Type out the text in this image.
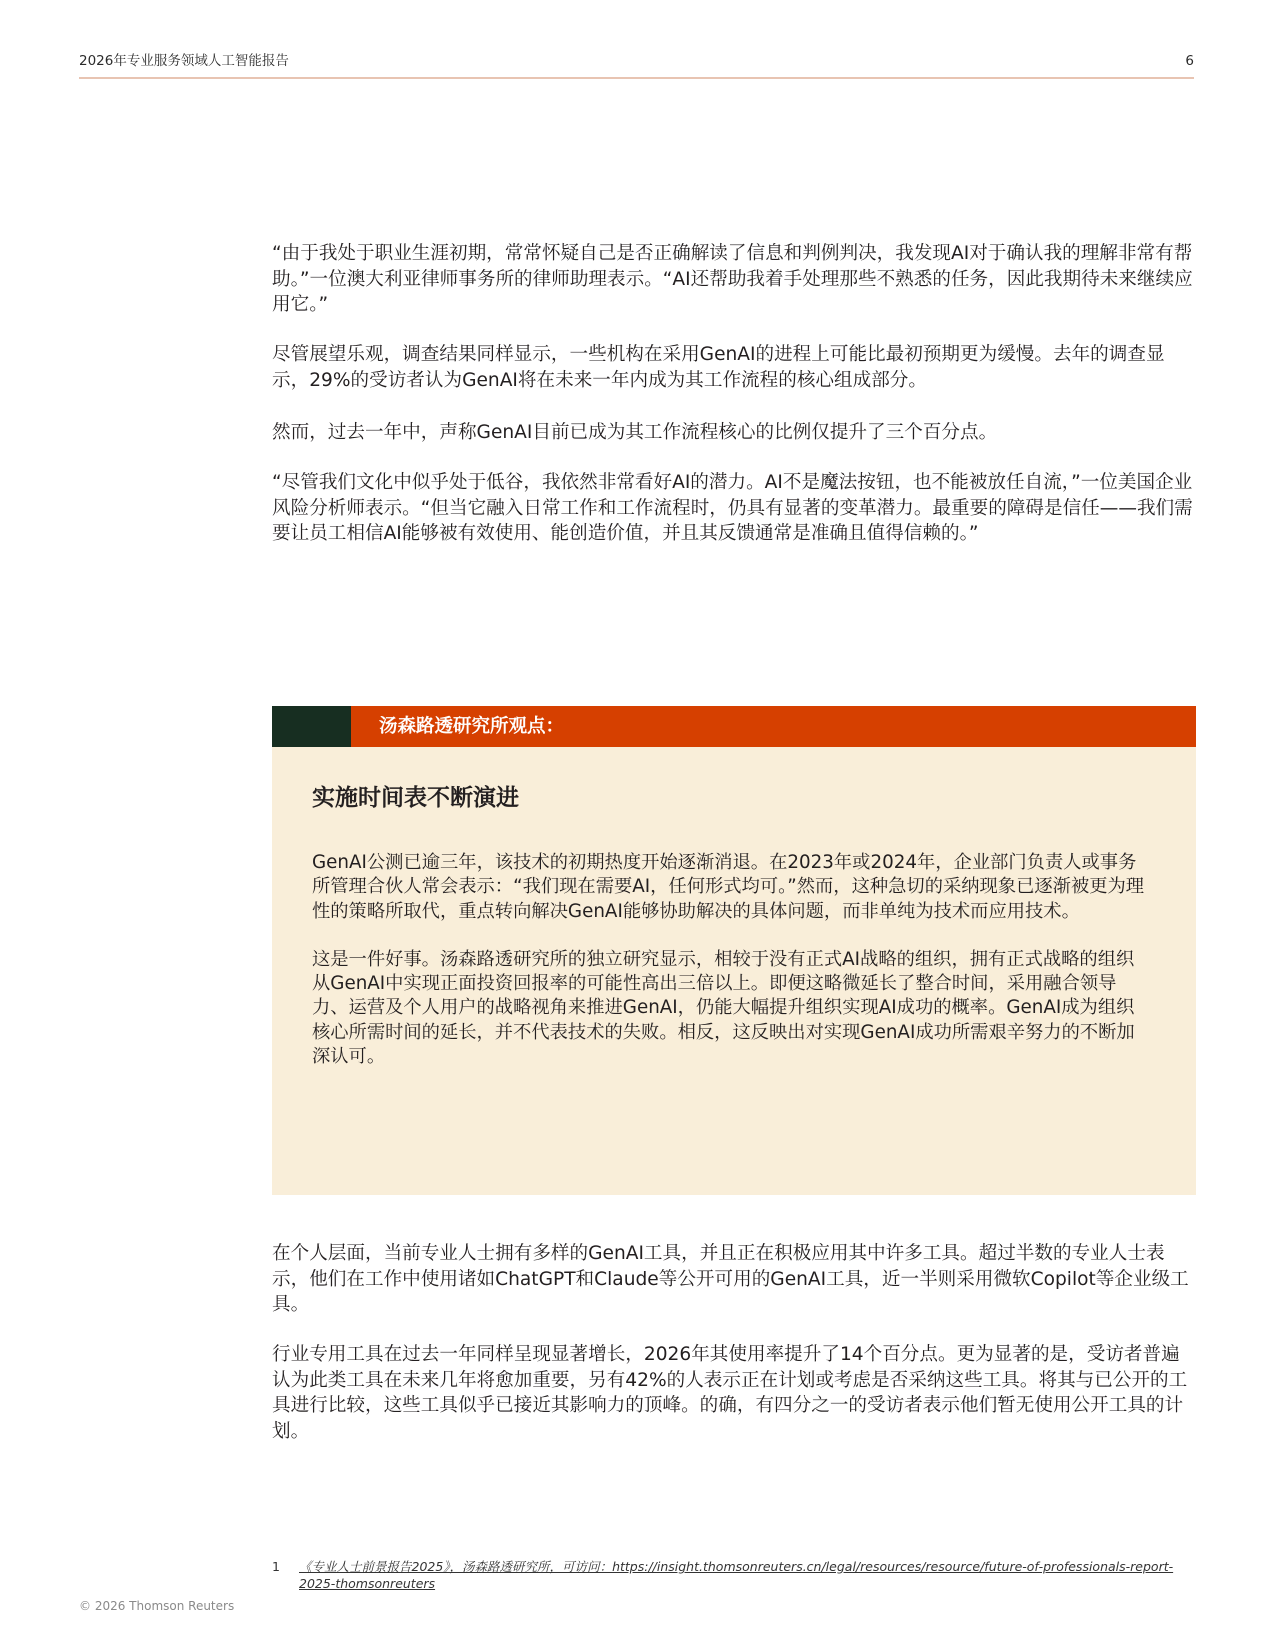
2026年专业服务领域人工智能报告	6

“由于我处于职业生涯初期，常常怀疑自己是否正确解读了信息和判例判决，我发现AI对于确认我的理解非常有帮助。”一位澳大利亚律师事务所的律师助理表示。“AI还帮助我着手处理那些不熟悉的任务，因此我期待未来继续应用它。”

尽管展望乐观，调查结果同样显示，一些机构在采用GenAI的进程上可能比最初预期更为缓慢。去年的调查显示，29%的受访者认为GenAI将在未来一年内成为其工作流程的核心组成部分。

然而，过去一年中，声称GenAI目前已成为其工作流程核心的比例仅提升了三个百分点。

“尽管我们文化中似乎处于低谷，我依然非常看好AI的潜力。AI不是魔法按钮，也不能被放任自流，”一位美国企业风险分析师表示。“但当它融入日常工作和工作流程时，仍具有显著的变革潜力。最重要的障碍是信任——我们需要让员工相信AI能够被有效使用、能创造价值，并且其反馈通常是准确且值得信赖的。”

汤森路透研究所观点：
实施时间表不断演进

GenAI公测已逾三年，该技术的初期热度开始逐渐消退。在2023年或2024年，企业部门负责人或事务所管理合伙人常会表示：“我们现在需要AI，任何形式均可。”然而，这种急切的采纳现象已逐渐被更为理性的策略所取代，重点转向解决GenAI能够协助解决的具体问题，而非单纯为技术而应用技术。

这是一件好事。汤森路透研究所的独立研究显示，相较于没有正式AI战略的组织，拥有正式战略的组织从GenAI中实现正面投资回报率的可能性高出三倍以上。即便这略微延长了整合时间，采用融合领导力、运营及个人用户的战略视角来推进GenAI，仍能大幅提升组织实现AI成功的概率。GenAI成为组织核心所需时间的延长，并不代表技术的失败。相反，这反映出对实现GenAI成功所需艰辛努力的不断加深认可。

在个人层面，当前专业人士拥有多样的GenAI工具，并且正在积极应用其中许多工具。超过半数的专业人士表示，他们在工作中使用诸如ChatGPT和Claude等公开可用的GenAI工具，近一半则采用微软Copilot等企业级工具。

行业专用工具在过去一年同样呈现显著增长，2026年其使用率提升了14个百分点。更为显著的是，受访者普遍认为此类工具在未来几年将愈加重要，另有42%的人表示正在计划或考虑是否采纳这些工具。将其与已公开的工具进行比较，这些工具似乎已接近其影响力的顶峰。的确，有四分之一的受访者表示他们暂无使用公开工具的计划。

1 《专业人士前景报告2025》，汤森路透研究所，可访问：https://insight.thomsonreuters.cn/legal/resources/resource/future-of-professionals-report-2025-thomsonreuters
© 2026 Thomson Reuters
